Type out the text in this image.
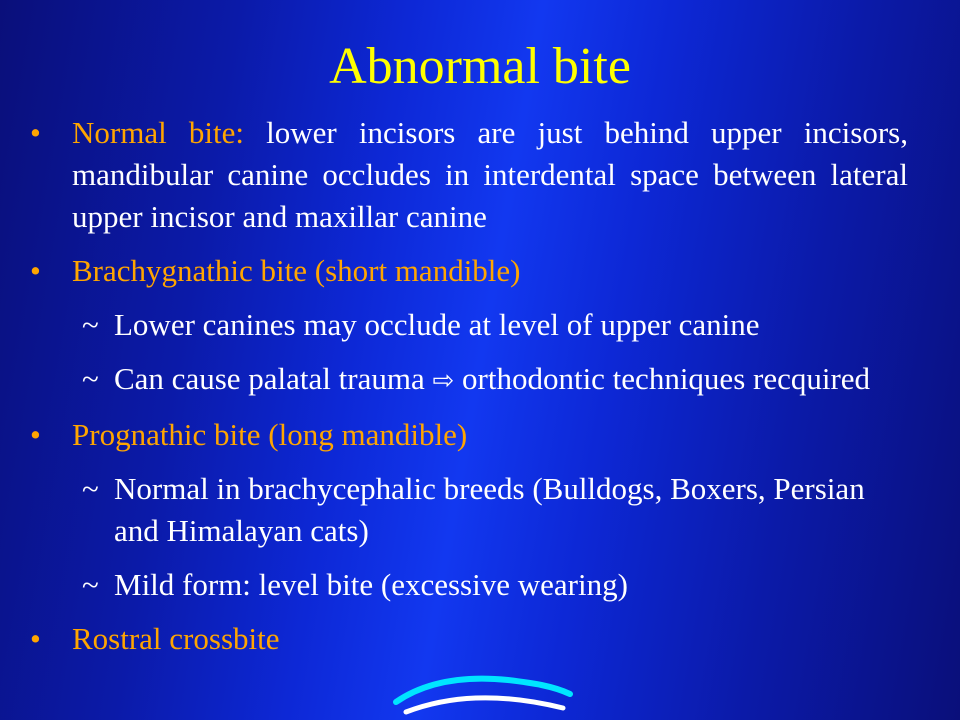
Abnormal bite
• Normal bite: lower incisors are just behind upper incisors, mandibular canine occludes in interdental space between lateral upper incisor and maxillar canine
• Brachygnathic bite (short mandible)
~ Lower canines may occlude at level of upper canine
~ Can cause palatal trauma ⇨ orthodontic techniques recquired
• Prognathic bite (long mandible)
~ Normal in brachycephalic breeds (Bulldogs, Boxers, Persian and Himalayan cats)
~ Mild form: level bite (excessive wearing)
• Rostral crossbite
